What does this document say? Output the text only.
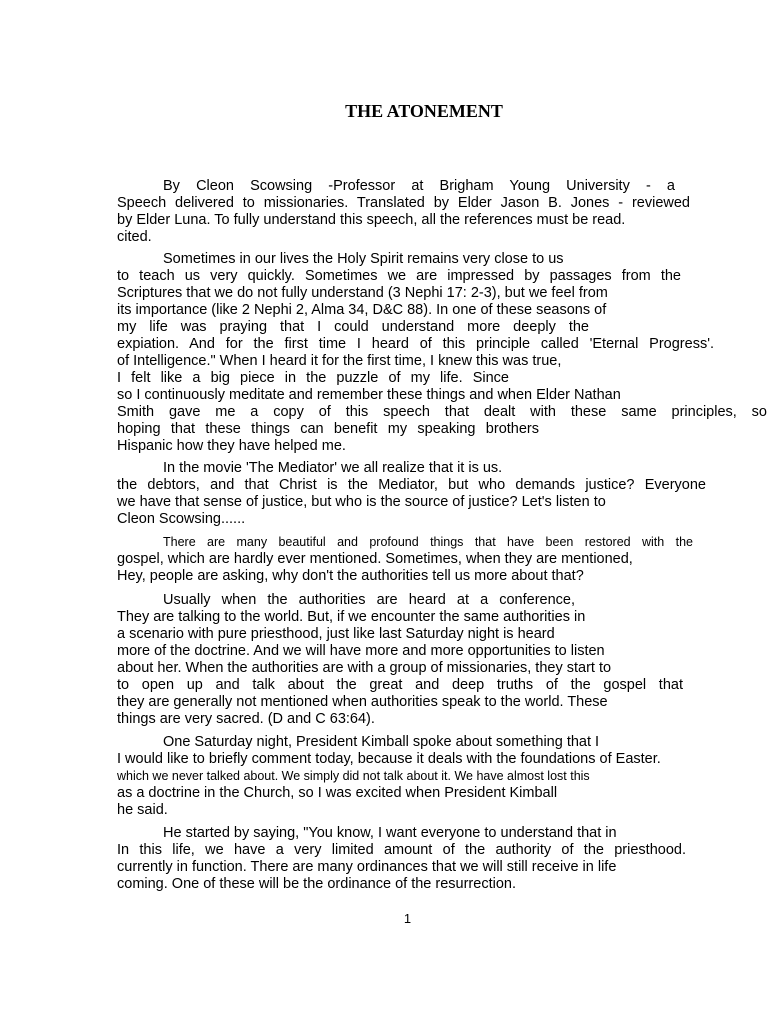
THE ATONEMENT
By Cleon Scowsing -Professor at Brigham Young University - a
Speech delivered to missionaries. Translated by Elder Jason B. Jones - reviewed
by Elder Luna. To fully understand this speech, all the references must be read.
cited.
Sometimes in our lives the Holy Spirit remains very close to us
to teach us very quickly. Sometimes we are impressed by passages from the
Scriptures that we do not fully understand (3 Nephi 17: 2-3), but we feel from
its importance (like 2 Nephi 2, Alma 34, D&C 88). In one of these seasons of
my life was praying that I could understand more deeply the
expiation. And for the first time I heard of this principle called 'Eternal Progress'.
of Intelligence." When I heard it for the first time, I knew this was true,
I felt like a big piece in the puzzle of my life. Since
so I continuously meditate and remember these things and when Elder Nathan
Smith gave me a copy of this speech that dealt with these same principles, so
hoping that these things can benefit my speaking brothers
Hispanic how they have helped me.
In the movie 'The Mediator' we all realize that it is us.
the debtors, and that Christ is the Mediator, but who demands justice? Everyone
we have that sense of justice, but who is the source of justice? Let's listen to
Cleon Scowsing......
There are many beautiful and profound things that have been restored with the
gospel, which are hardly ever mentioned. Sometimes, when they are mentioned,
Hey, people are asking, why don't the authorities tell us more about that?
Usually when the authorities are heard at a conference,
They are talking to the world. But, if we encounter the same authorities in
a scenario with pure priesthood, just like last Saturday night is heard
more of the doctrine. And we will have more and more opportunities to listen
about her. When the authorities are with a group of missionaries, they start to
to open up and talk about the great and deep truths of the gospel that
they are generally not mentioned when authorities speak to the world. These
things are very sacred. (D and C 63:64).
One Saturday night, President Kimball spoke about something that I
I would like to briefly comment today, because it deals with the foundations of Easter.
which we never talked about. We simply did not talk about it. We have almost lost this
as a doctrine in the Church, so I was excited when President Kimball
he said.
He started by saying, "You know, I want everyone to understand that in
In this life, we have a very limited amount of the authority of the priesthood.
currently in function. There are many ordinances that we will still receive in life
coming. One of these will be the ordinance of the resurrection.
1
